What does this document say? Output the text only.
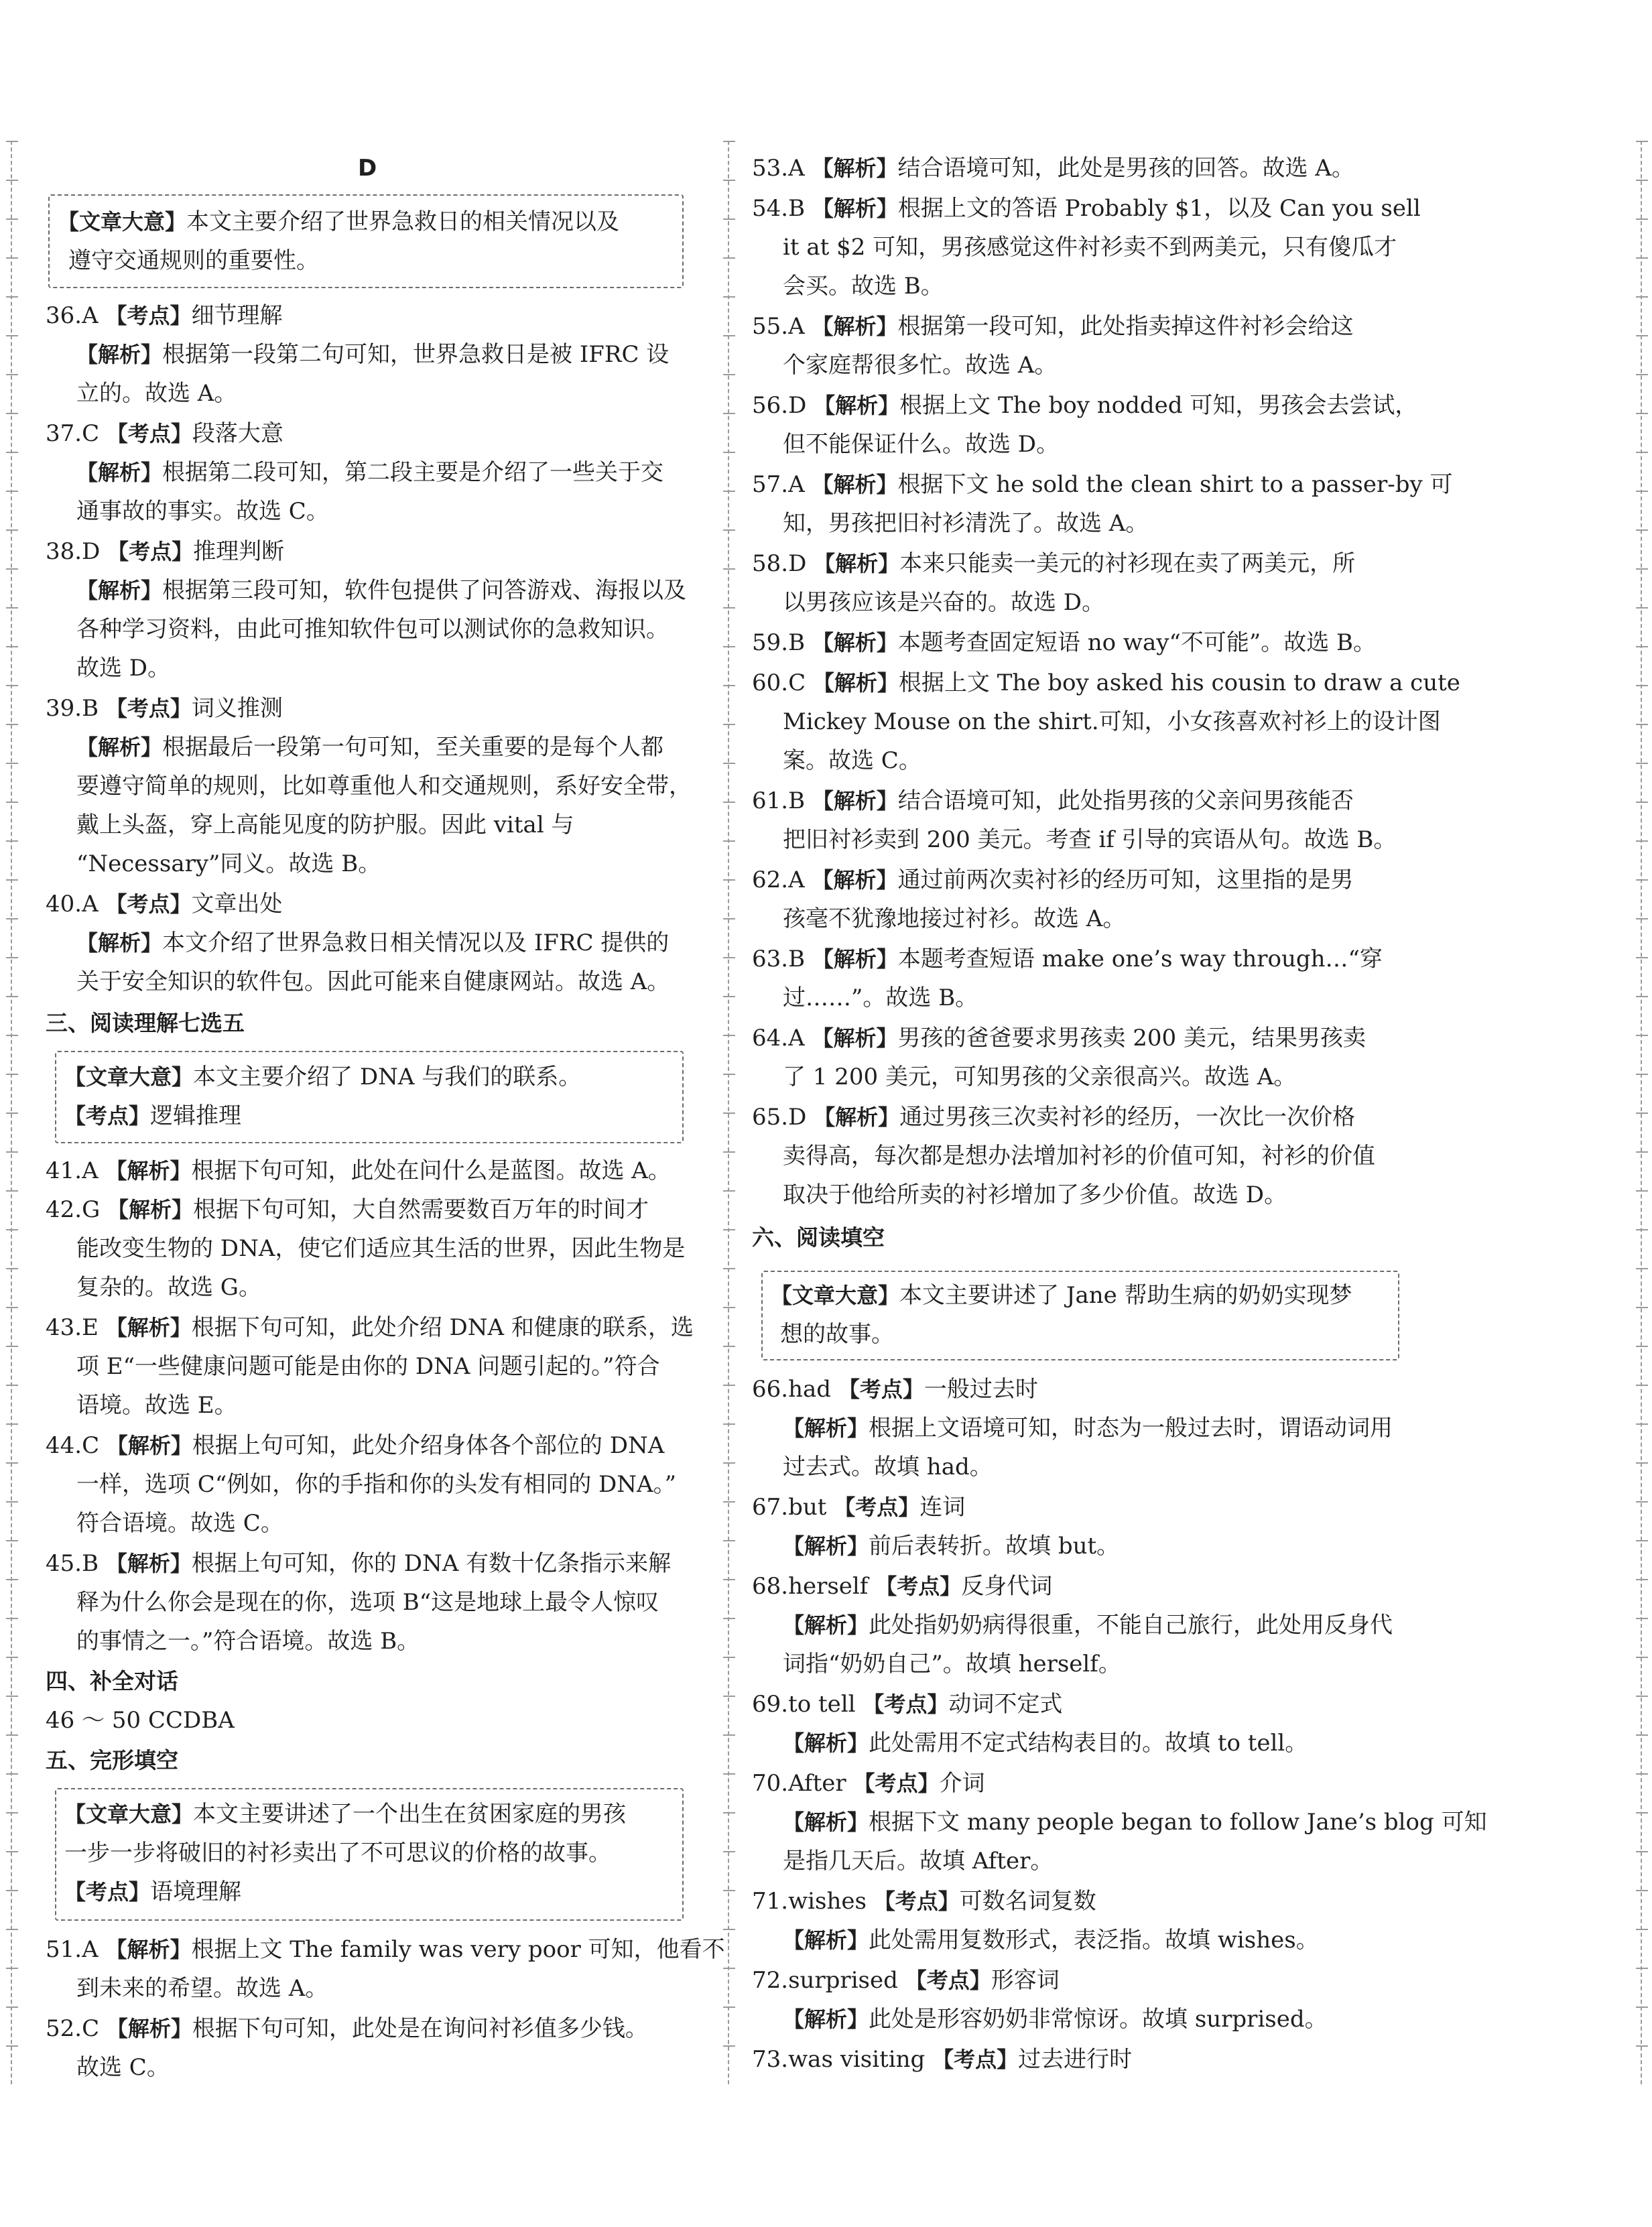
D
【文章大意】本文主要介绍了世界急救日的相关情况以及
遵守交通规则的重要性。
36.A 【考点】细节理解
【解析】根据第一段第二句可知，世界急救日是被 IFRC 设
立的。故选 A。
37.C 【考点】段落大意
【解析】根据第二段可知，第二段主要是介绍了一些关于交
通事故的事实。故选 C。
38.D 【考点】推理判断
【解析】根据第三段可知，软件包提供了问答游戏、海报以及
各种学习资料，由此可推知软件包可以测试你的急救知识。
故选 D。
39.B 【考点】词义推测
【解析】根据最后一段第一句可知，至关重要的是每个人都
要遵守简单的规则，比如尊重他人和交通规则，系好安全带，
戴上头盔，穿上高能见度的防护服。因此 vital 与
“Necessary”同义。故选 B。
40.A 【考点】文章出处
【解析】本文介绍了世界急救日相关情况以及 IFRC 提供的
关于安全知识的软件包。因此可能来自健康网站。故选 A。
三、阅读理解七选五
【文章大意】本文主要介绍了 DNA 与我们的联系。
【考点】逻辑推理
41.A 【解析】根据下句可知，此处在问什么是蓝图。故选 A。
42.G 【解析】根据下句可知，大自然需要数百万年的时间才
能改变生物的 DNA，使它们适应其生活的世界，因此生物是
复杂的。故选 G。
43.E 【解析】根据下句可知，此处介绍 DNA 和健康的联系，选
项 E“一些健康问题可能是由你的 DNA 问题引起的。”符合
语境。故选 E。
44.C 【解析】根据上句可知，此处介绍身体各个部位的 DNA
一样，选项 C“例如，你的手指和你的头发有相同的 DNA。”
符合语境。故选 C。
45.B 【解析】根据上句可知，你的 DNA 有数十亿条指示来解
释为什么你会是现在的你，选项 B“这是地球上最令人惊叹
的事情之一。”符合语境。故选 B。
四、补全对话
46 ～ 50 CCDBA
五、完形填空
【文章大意】本文主要讲述了一个出生在贫困家庭的男孩
一步一步将破旧的衬衫卖出了不可思议的价格的故事。
【考点】语境理解
51.A 【解析】根据上文 The family was very poor 可知，他看不
到未来的希望。故选 A。
52.C 【解析】根据下句可知，此处是在询问衬衫值多少钱。
故选 C。
53.A 【解析】结合语境可知，此处是男孩的回答。故选 A。
54.B 【解析】根据上文的答语 Probably $1，以及 Can you sell
it at $2 可知，男孩感觉这件衬衫卖不到两美元，只有傻瓜才
会买。故选 B。
55.A 【解析】根据第一段可知，此处指卖掉这件衬衫会给这
个家庭帮很多忙。故选 A。
56.D 【解析】根据上文 The boy nodded 可知，男孩会去尝试，
但不能保证什么。故选 D。
57.A 【解析】根据下文 he sold the clean shirt to a passer-by 可
知，男孩把旧衬衫清洗了。故选 A。
58.D 【解析】本来只能卖一美元的衬衫现在卖了两美元，所
以男孩应该是兴奋的。故选 D。
59.B 【解析】本题考查固定短语 no way“不可能”。故选 B。
60.C 【解析】根据上文 The boy asked his cousin to draw a cute
Mickey Mouse on the shirt.可知，小女孩喜欢衬衫上的设计图
案。故选 C。
61.B 【解析】结合语境可知，此处指男孩的父亲问男孩能否
把旧衬衫卖到 200 美元。考查 if 引导的宾语从句。故选 B。
62.A 【解析】通过前两次卖衬衫的经历可知，这里指的是男
孩毫不犹豫地接过衬衫。故选 A。
63.B 【解析】本题考查短语 make one’s way through…“穿
过……”。故选 B。
64.A 【解析】男孩的爸爸要求男孩卖 200 美元，结果男孩卖
了 1 200 美元，可知男孩的父亲很高兴。故选 A。
65.D 【解析】通过男孩三次卖衬衫的经历，一次比一次价格
卖得高，每次都是想办法增加衬衫的价值可知，衬衫的价值
取决于他给所卖的衬衫增加了多少价值。故选 D。
六、阅读填空
【文章大意】本文主要讲述了 Jane 帮助生病的奶奶实现梦
想的故事。
66.had 【考点】一般过去时
【解析】根据上文语境可知，时态为一般过去时，谓语动词用
过去式。故填 had。
67.but 【考点】连词
【解析】前后表转折。故填 but。
68.herself 【考点】反身代词
【解析】此处指奶奶病得很重，不能自己旅行，此处用反身代
词指“奶奶自己”。故填 herself。
69.to tell 【考点】动词不定式
【解析】此处需用不定式结构表目的。故填 to tell。
70.After 【考点】介词
【解析】根据下文 many people began to follow Jane’s blog 可知
是指几天后。故填 After。
71.wishes 【考点】可数名词复数
【解析】此处需用复数形式，表泛指。故填 wishes。
72.surprised 【考点】形容词
【解析】此处是形容奶奶非常惊讶。故填 surprised。
73.was visiting 【考点】过去进行时
